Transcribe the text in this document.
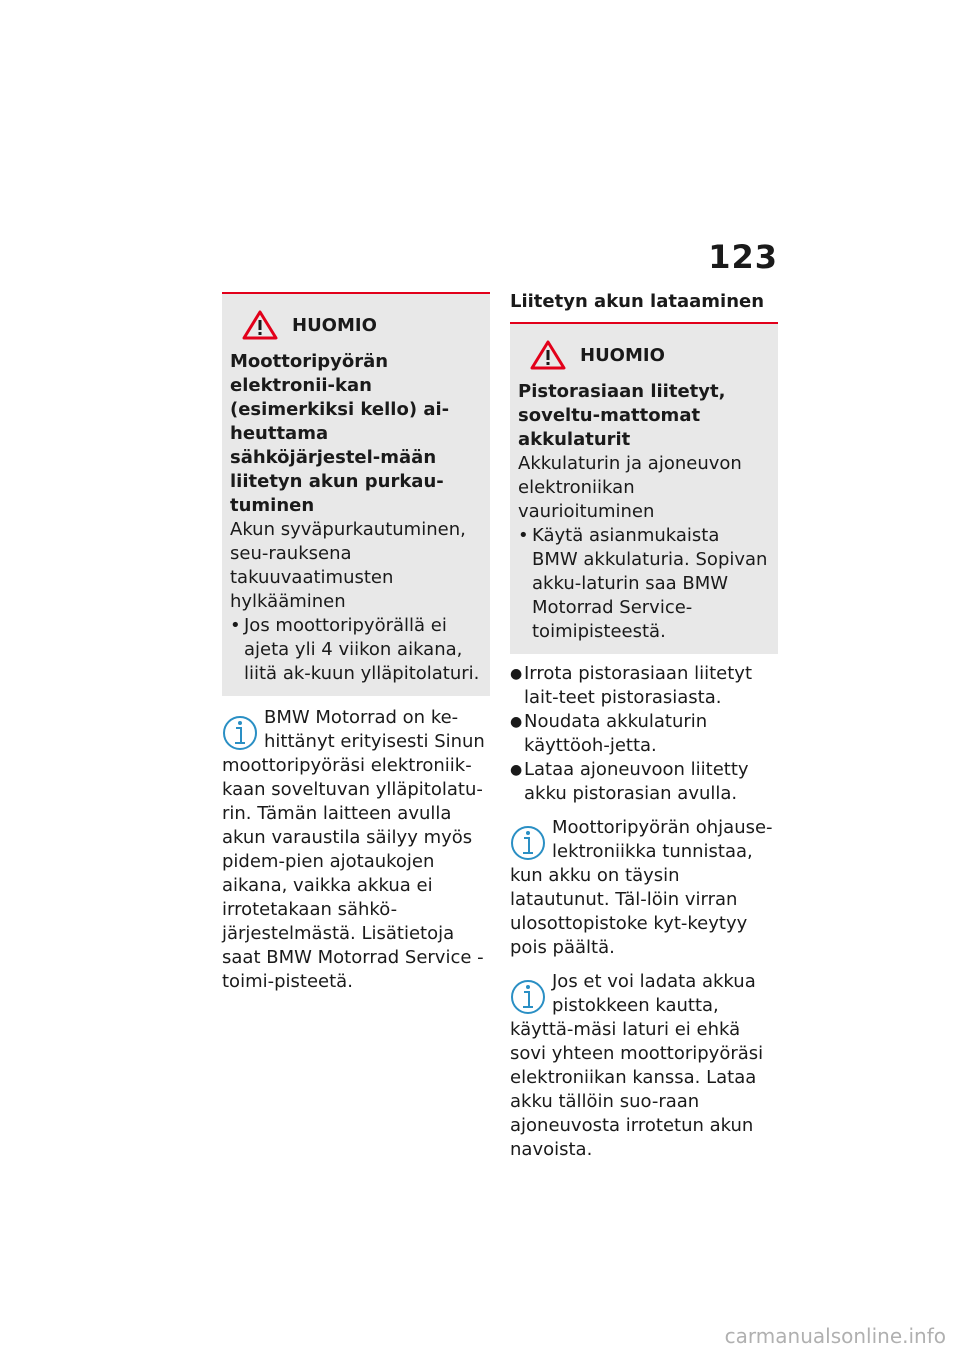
123
HUOMIO
Moottoripyörän elektronii-kan (esimerkiksi kello) ai-heuttama sähköjärjestel-mään liitetyn akun purkau-tuminen
Akun syväpurkautuminen, seu-rauksena takuuvaatimusten hylkääminen
• Jos moottoripyörällä ei ajeta yli 4 viikon aikana, liitä ak-kuun ylläpitolaturi.
BMW Motorrad on ke-hittänyt erityisesti Sinun moottoripyöräsi elektroniik-kaan soveltuvan ylläpitolatu-rin. Tämän laitteen avulla akun varaustila säilyy myös pidem-pien ajotaukojen aikana, vaikka akkua ei irrotetakaan sähkö-järjestelmästä. Lisätietoja saat BMW Motorrad Service -toimi-pisteetä.
Liitetyn akun lataaminen
HUOMIO
Pistorasiaan liitetyt, soveltu-mattomat akkulaturit
Akkulaturin ja ajoneuvon elektroniikan vaurioituminen
• Käytä asianmukaista BMW akkulaturia. Sopivan akku-laturin saa BMW Motorrad Service-toimipisteestä.
● Irrota pistorasiaan liitetyt lait-teet pistorasiasta.
● Noudata akkulaturin käyttöoh-jetta.
● Lataa ajoneuvoon liitetty akku pistorasian avulla.
Moottoripyörän ohjause-lektroniikka tunnistaa, kun akku on täysin latautunut. Täl-löin virran ulosottopistoke kyt-keytyy pois päältä.
Jos et voi ladata akkua pistokkeen kautta, käyttä-mäsi laturi ei ehkä sovi yhteen moottoripyöräsi elektroniikan kanssa. Lataa akku tällöin suo-raan ajoneuvosta irrotetun akun navoista.
carmanualsonline.info
